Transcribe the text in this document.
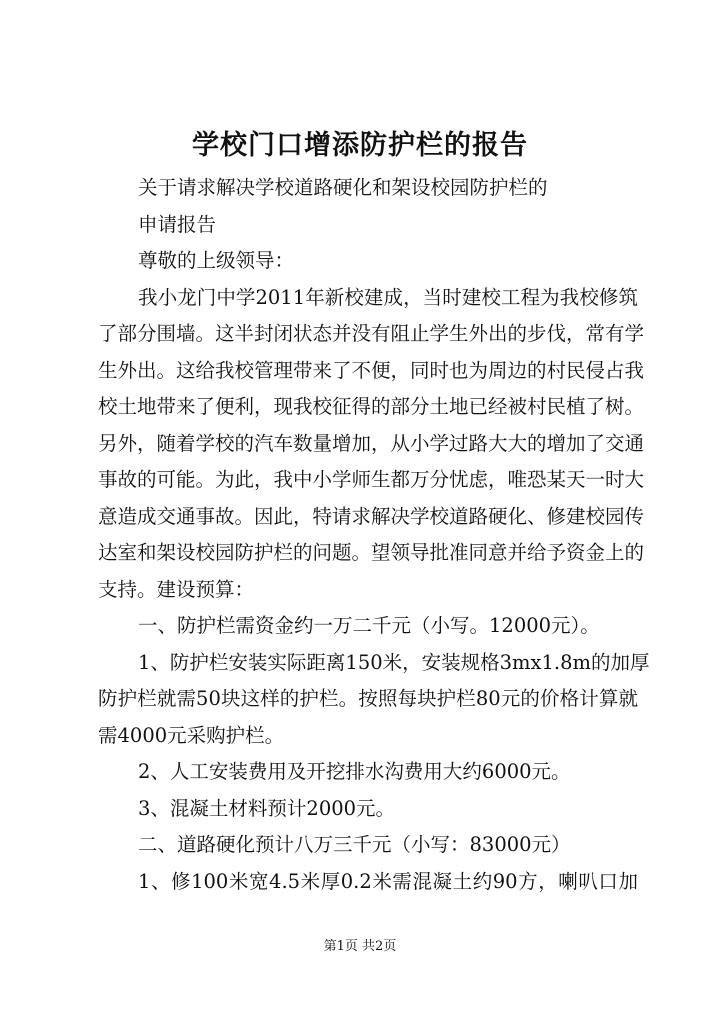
学校门口增添防护栏的报告

关于请求解决学校道路硬化和架设校园防护栏的

申请报告

尊敬的上级领导：

我小龙门中学2011年新校建成，当时建校工程为我校修筑

了部分围墙。这半封闭状态并没有阻止学生外出的步伐，常有学

生外出。这给我校管理带来了不便，同时也为周边的村民侵占我

校土地带来了便利，现我校征得的部分土地已经被村民植了树。

另外，随着学校的汽车数量增加，从小学过路大大的增加了交通

事故的可能。为此，我中小学师生都万分忧虑，唯恐某天一时大

意造成交通事故。因此，特请求解决学校道路硬化、修建校园传

达室和架设校园防护栏的问题。望领导批准同意并给予资金上的

支持。建设预算：

一、防护栏需资金约一万二千元（小写。12000元）。

1、防护栏安装实际距离150米，安装规格3mx1.8m的加厚

防护栏就需50块这样的护栏。按照每块护栏80元的价格计算就

需4000元采购护栏。

2、人工安装费用及开挖排水沟费用大约6000元。

3、混凝土材料预计2000元。

二、道路硬化预计八万三千元（小写：83000元）

1、修100米宽4.5米厚0.2米需混凝土约90方，喇叭口加

第1页 共2页
